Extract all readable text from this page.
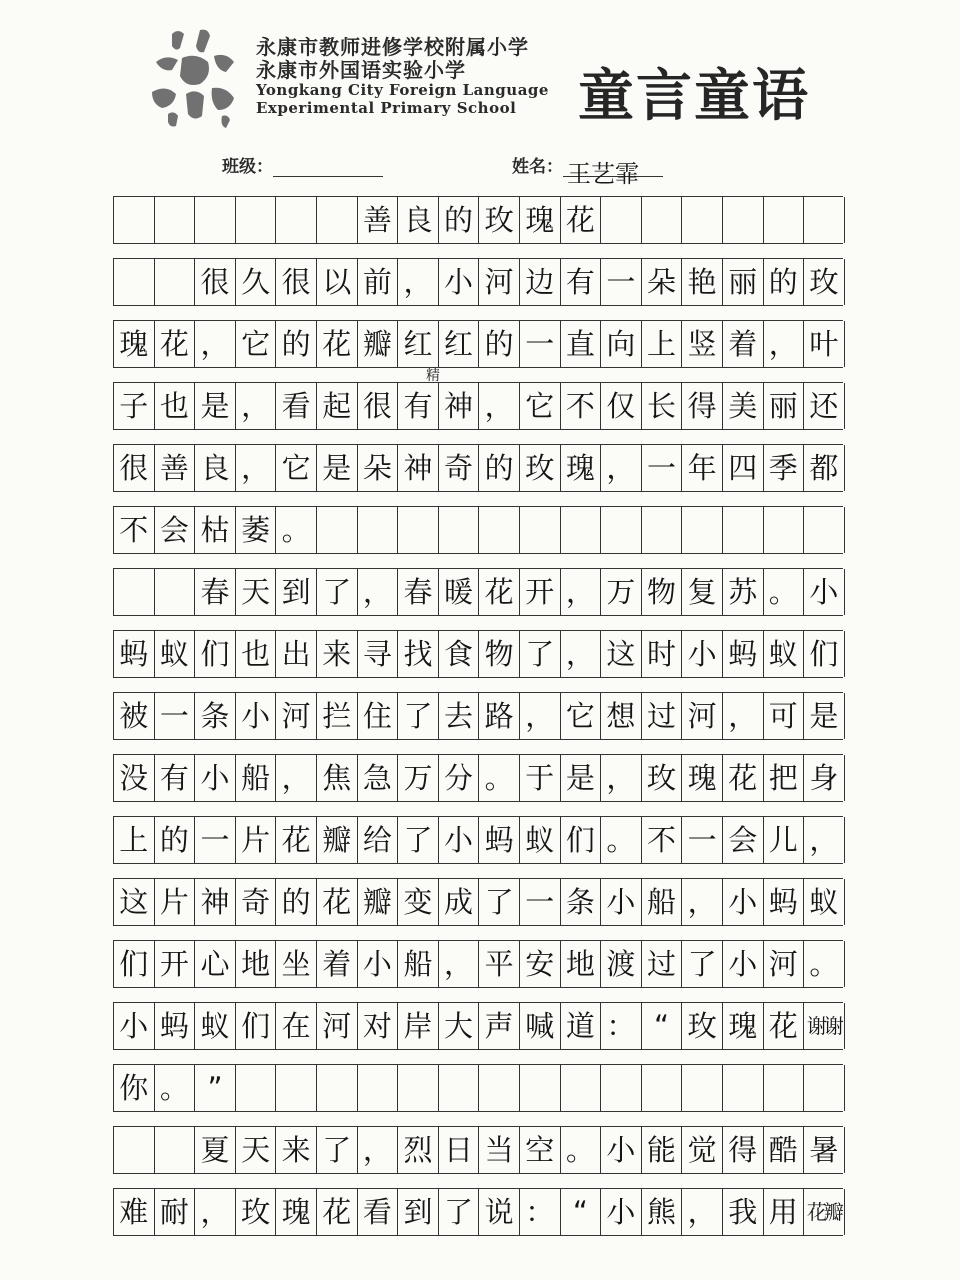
永康市教师进修学校附属小学
永康市外国语实验小学
Yongkang City Foreign Language
Experimental Primary School	童言童语
班级：	姓名： 王艺霏
善 良 的 玫 瑰 花
很 久 很 以 前 ， 小 河 边 有 一 朵 艳 丽 的 玫
瑰 花 ， 它 的 花 瓣 红 红 的 一 直 向 上 竖 着 ， 叶
子 也 是 ， 看 起 很 有 神 ， 它 不 仅 长 得 美 丽 还
很 善 良 ， 它 是 朵 神 奇 的 玫 瑰 ， 一 年 四 季 都
不 会 枯 萎 。
春 天 到 了 ， 春 暖 花 开 ， 万 物 复 苏 。 小
蚂 蚁 们 也 出 来 寻 找 食 物 了 ， 这 时 小 蚂 蚁 们
被 一 条 小 河 拦 住 了 去 路 ， 它 想 过 河 ， 可 是
没 有 小 船 ， 焦 急 万 分 。 于 是 ， 玫 瑰 花 把 身
上 的 一 片 花 瓣 给 了 小 蚂 蚁 们 。 不 一 会 儿 ，
这 片 神 奇 的 花 瓣 变 成 了 一 条 小 船 ， 小 蚂 蚁
们 开 心 地 坐 着 小 船 ， 平 安 地 渡 过 了 小 河 。
小 蚂 蚁 们 在 河 对 岸 大 声 喊 道 ： “ 玫 瑰 花 谢谢
你 。 ”
夏 天 来 了 ， 烈 日 当 空 。 小 能 觉 得 酷 暑
难 耐 ， 玫 瑰 花 看 到 了 说 ： “ 小 熊 ， 我 用 花瓣
精
